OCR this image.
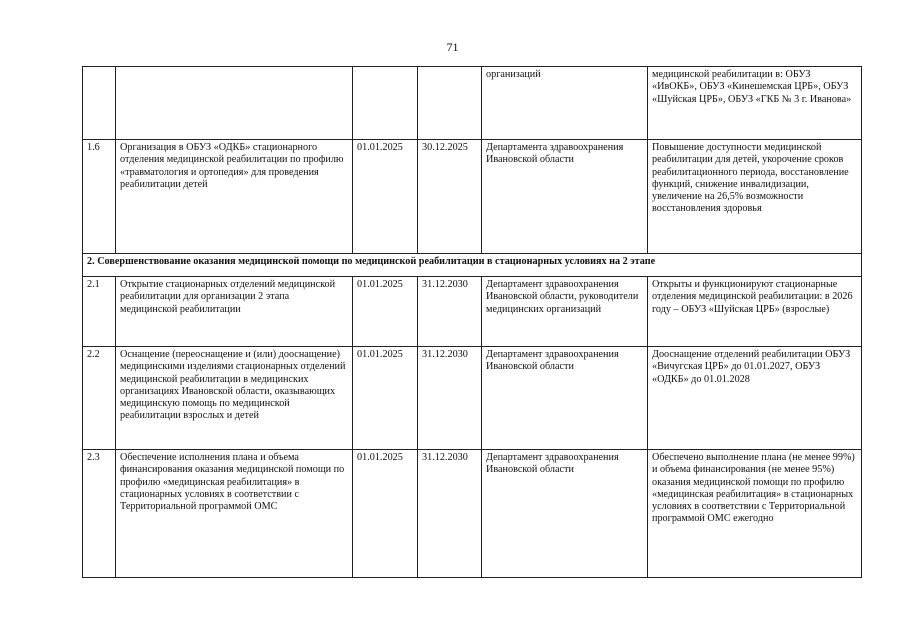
71
				организаций	медицинской реабилитации в: ОБУЗ «ИвОКБ», ОБУЗ «Кинешемская ЦРБ», ОБУЗ «Шуйская ЦРБ», ОБУЗ «ГКБ № 3 г. Иванова»
1.6	Организация в ОБУЗ «ОДКБ» стационарного отделения медицинской реабилитации по профилю «травматология и ортопедия» для проведения реабилитации детей	01.01.2025	30.12.2025	Департамента здравоохранения Ивановской области	Повышение доступности медицинской реабилитации для детей, укорочение сроков реабилитационного периода, восстановление функций, снижение инвалидизации, увеличение на 26,5% возможности восстановления здоровья
2. Совершенствование оказания медицинской помощи по медицинской реабилитации в стационарных условиях на 2 этапе					
2.1	Открытие стационарных отделений медицинской реабилитации для организации 2 этапа медицинской реабилитации	01.01.2025	31.12.2030	Департамент здравоохранения Ивановской области, руководители медицинских организаций	Открыты и функционируют стационарные отделения медицинской реабилитации: в 2026 году – ОБУЗ «Шуйская ЦРБ» (взрослые)
2.2	Оснащение (переоснащение и (или) дооснащение) медицинскими изделиями стационарных отделений медицинской реабилитации в медицинских организациях Ивановской области, оказывающих медицинскую помощь по медицинской реабилитации взрослых и детей	01.01.2025	31.12.2030	Департамент здравоохранения Ивановской области	Дооснащение отделений реабилитации ОБУЗ «Вичугская ЦРБ» до 01.01.2027, ОБУЗ «ОДКБ» до 01.01.2028
2.3	Обеспечение исполнения плана и объема финансирования оказания медицинской помощи по профилю «медицинская реабилитация» в стационарных условиях в соответствии с Территориальной программой ОМС	01.01.2025	31.12.2030	Департамент здравоохранения Ивановской области	Обеспечено выполнение плана (не менее 99%) и объема финансирования (не менее 95%) оказания медицинской помощи по профилю «медицинская реабилитация» в стационарных условиях в соответствии с Территориальной программой ОМС ежегодно
